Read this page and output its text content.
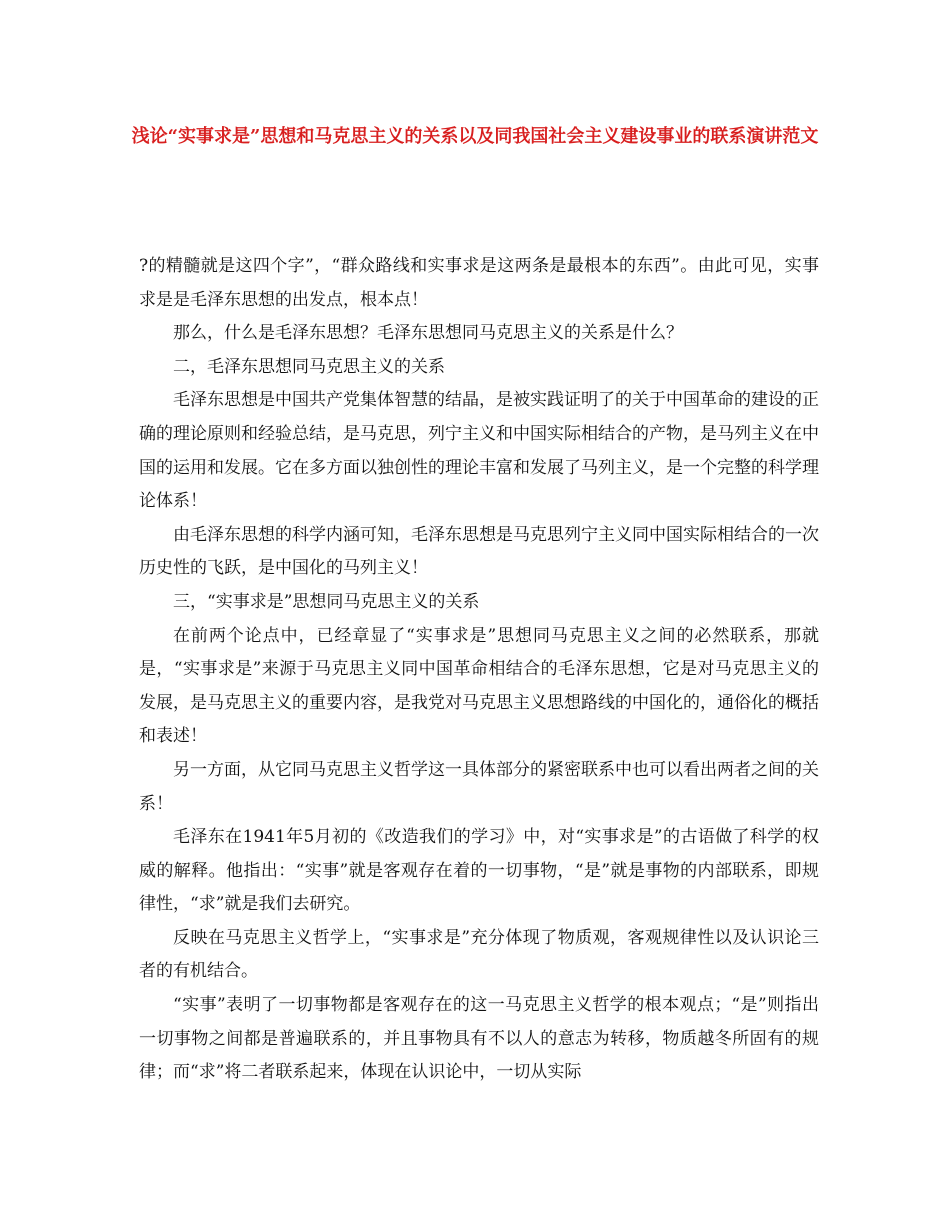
浅论“实事求是”思想和马克思主义的关系以及同我国社会主义建设事业的联系演讲范文

?的精髓就是这四个字”，“群众路线和实事求是这两条是最根本的东西”。由此可见，实事求是是毛泽东思想的出发点，根本点！

那么，什么是毛泽东思想？毛泽东思想同马克思主义的关系是什么？

二，毛泽东思想同马克思主义的关系

毛泽东思想是中国共产党集体智慧的结晶，是被实践证明了的关于中国革命的建设的正确的理论原则和经验总结，是马克思，列宁主义和中国实际相结合的产物，是马列主义在中国的运用和发展。它在多方面以独创性的理论丰富和发展了马列主义，是一个完整的科学理论体系！

由毛泽东思想的科学内涵可知，毛泽东思想是马克思列宁主义同中国实际相结合的一次历史性的飞跃，是中国化的马列主义！

三，“实事求是”思想同马克思主义的关系

在前两个论点中，已经章显了“实事求是”思想同马克思主义之间的必然联系，那就是，“实事求是”来源于马克思主义同中国革命相结合的毛泽东思想，它是对马克思主义的发展，是马克思主义的重要内容，是我党对马克思主义思想路线的中国化的，通俗化的概括和表述！

另一方面，从它同马克思主义哲学这一具体部分的紧密联系中也可以看出两者之间的关系！

毛泽东在1941年5月初的《改造我们的学习》中，对“实事求是”的古语做了科学的权威的解释。他指出：“实事”就是客观存在着的一切事物，“是”就是事物的内部联系，即规律性，“求”就是我们去研究。

反映在马克思主义哲学上，“实事求是”充分体现了物质观，客观规律性以及认识论三者的有机结合。

“实事”表明了一切事物都是客观存在的这一马克思主义哲学的根本观点；“是”则指出一切事物之间都是普遍联系的，并且事物具有不以人的意志为转移，物质越冬所固有的规律；而“求”将二者联系起来，体现在认识论中，一切从实际
